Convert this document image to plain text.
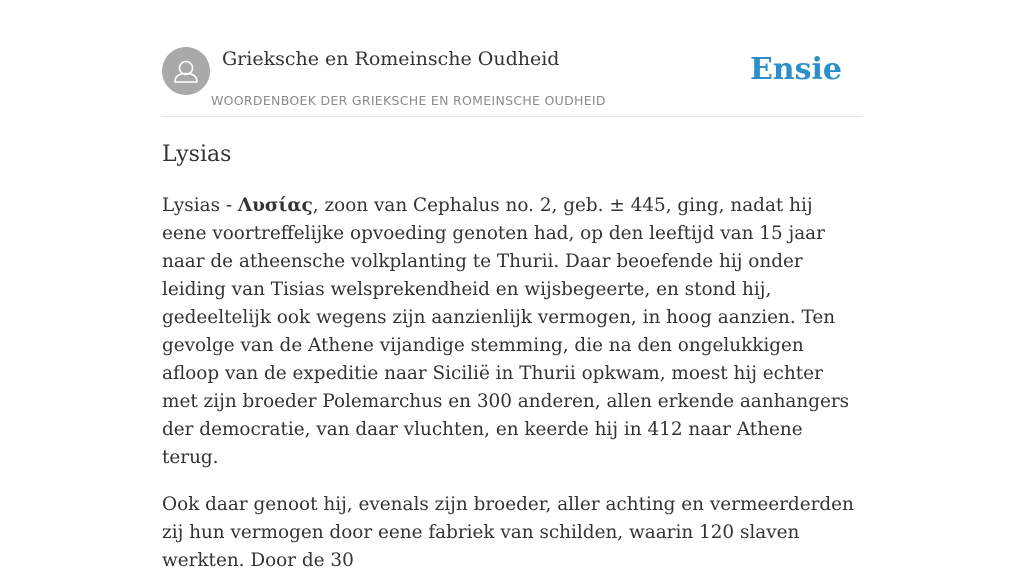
Grieksche en Romeinsche Oudheid
WOORDENBOEK DER GRIEKSCHE EN ROMEINSCHE OUDHEID
Ensie
Lysias

Lysias - Λυσίας, zoon van Cephalus no. 2, geb. ± 445, ging, nadat hij eene voortreffelijke opvoeding genoten had, op den leeftijd van 15 jaar naar de atheensche volkplanting te Thurii. Daar beoefende hij onder leiding van Tisias welsprekendheid en wijsbegeerte, en stond hij, gedeeltelijk ook wegens zijn aanzienlijk vermogen, in hoog aanzien. Ten gevolge van de Athene vijandige stemming, die na den ongelukkigen afloop van de expeditie naar Sicilië in Thurii opkwam, moest hij echter met zijn broeder Polemarchus en 300 anderen, allen erkende aanhangers der democratie, van daar vluchten, en keerde hij in 412 naar Athene terug.

Ook daar genoot hij, evenals zijn broeder, aller achting en vermeerderden zij hun vermogen door eene fabriek van schilden, waarin 120 slaven werkten. Door de 30
